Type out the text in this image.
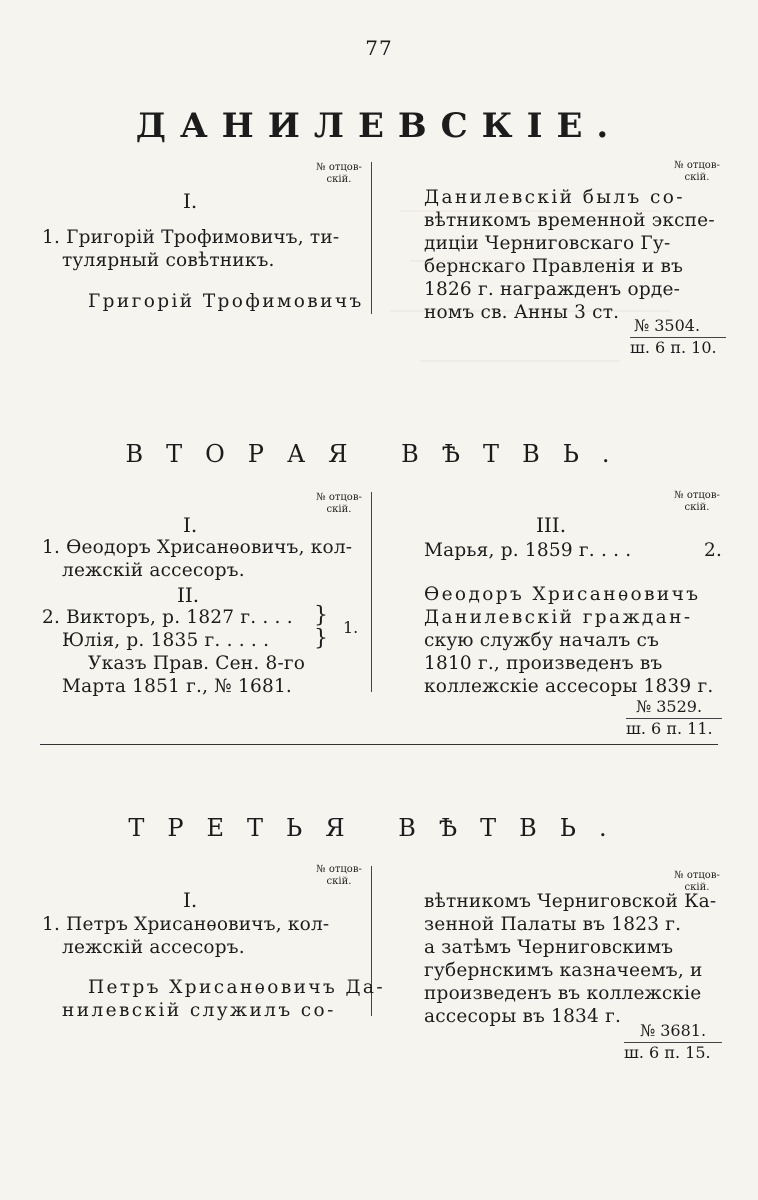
77
ДАНИЛЕВСКІЕ.
№ отцов-
скій.
№ отцов-
скій.
I.
1. Григорій Трофимовичъ, ти-
тулярный совѣтникъ.
Григорій Трофимовичъ
Данилевскій былъ со-
вѣтникомъ временной экспе-
диціи Черниговскаго Гу-
бернскаго Правленія и въ
1826 г. награжденъ орде-
номъ св. Анны 3 ст.
№ 3504.
ш. 6 п. 10.
ВТОРАЯ ВѢТВЬ.
№ отцов-
скій.
№ отцов-
скій.
I.
1. Ѳеодоръ Хрисанѳовичъ, кол-
лежскій ассесоръ.
II.
2. Викторъ, р. 1827 г. . . .
Юлія, р. 1835 г. . . . .
}
} 1.
Указъ Прав. Сен. 8-го
Марта 1851 г., № 1681.
III.
Марья, р. 1859 г. . . .	2.
Ѳеодоръ Хрисанѳовичъ
Данилевскій граждан-
скую службу началъ съ
1810 г., произведенъ въ
коллежскіе ассесоры 1839 г.
№ 3529.
ш. 6 п. 11.
ТРЕТЬЯ ВѢТВЬ.
№ отцов-
скій.
№ отцов-
скій.
I.
1. Петръ Хрисанѳовичъ, кол-
лежскій ассесоръ.
Петръ Хрисанѳовичъ Да-
нилевскій служилъ со-
вѣтникомъ Черниговской Ка-
зенной Палаты въ 1823 г.
а затѣмъ Черниговскимъ
губернскимъ казначеемъ, и
произведенъ въ коллежскіе
ассесоры въ 1834 г.
№ 3681.
ш. 6 п. 15.
